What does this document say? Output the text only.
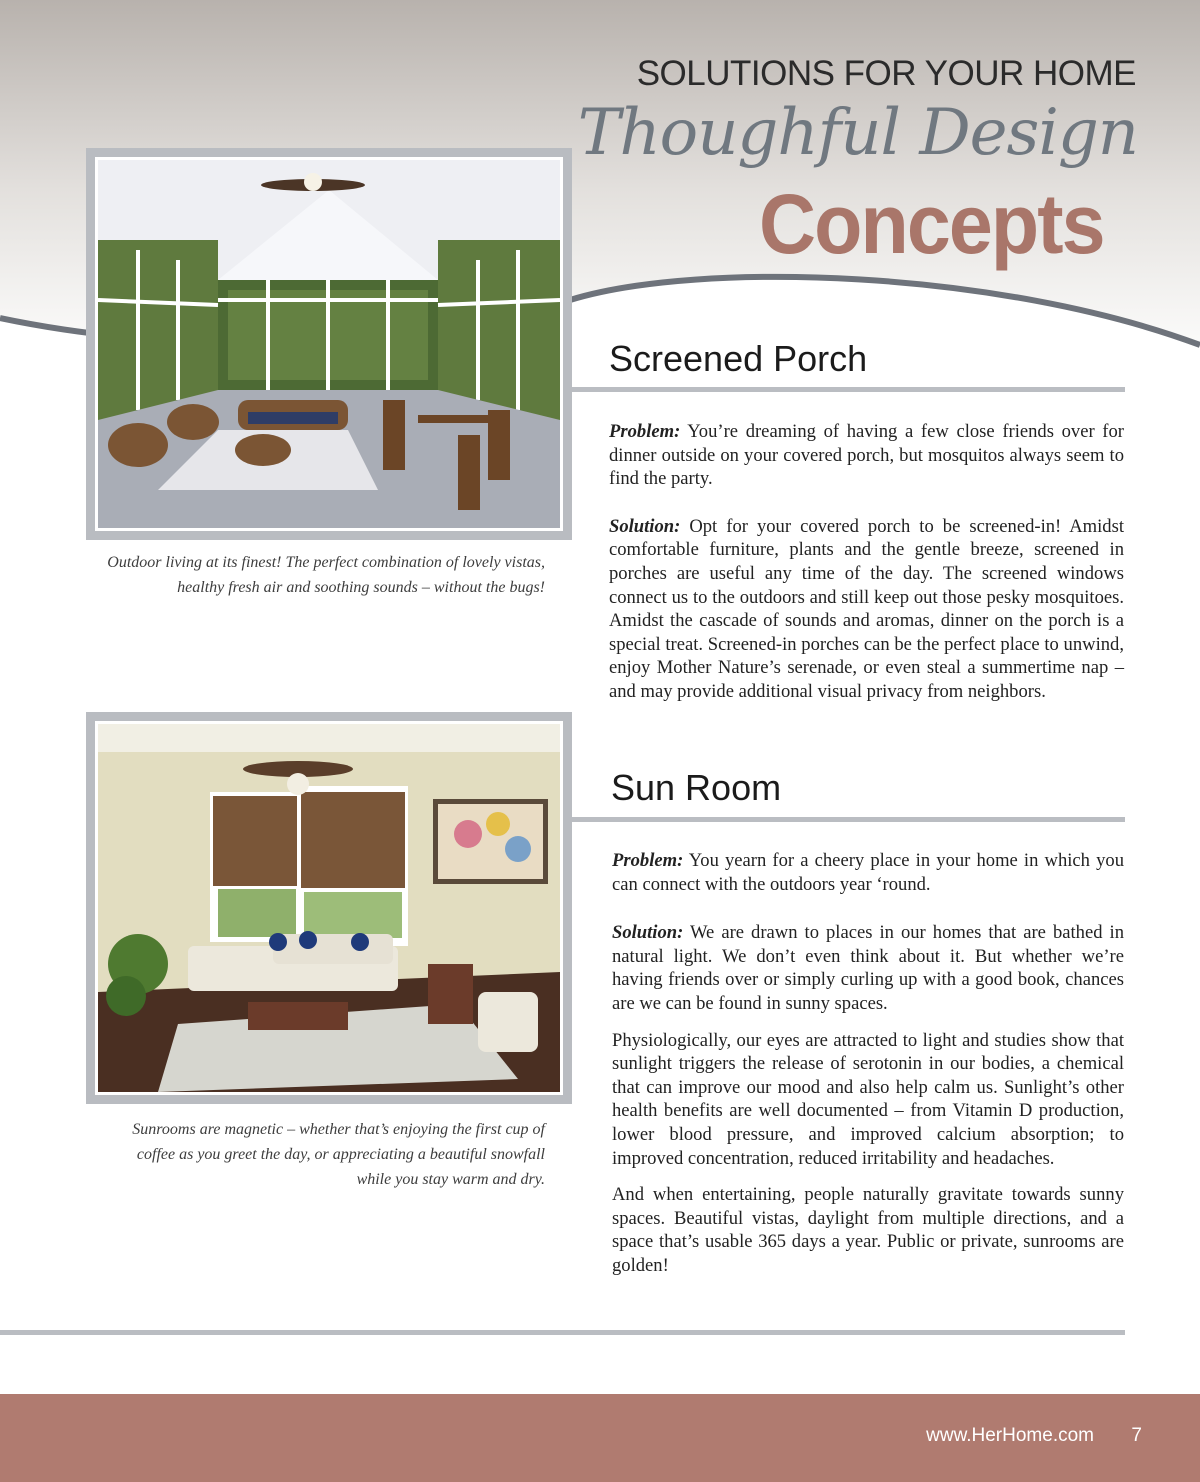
SOLUTIONS FOR YOUR HOME
Thoughful Design
Concepts
Outdoor living at its finest! The perfect combination of lovely vistas, healthy fresh air and soothing sounds – without the bugs!
Sunrooms are magnetic – whether that’s enjoying the first cup of coffee as you greet the day, or appreciating a beautiful snowfall while you stay warm and dry.
Screened Porch

Problem: You’re dreaming of having a few close friends over for dinner outside on your covered porch, but mosquitos always seem to find the party.

Solution: Opt for your covered porch to be screened-in! Amidst comfortable furniture, plants and the gentle breeze, screened in porches are useful any time of the day. The screened windows connect us to the outdoors and still keep out those pesky mosquitoes. Amidst the cascade of sounds and aromas, dinner on the porch is a special treat. Screened-in porches can be the perfect place to unwind, enjoy Mother Nature’s serenade, or even steal a summertime nap – and may provide additional visual privacy from neighbors.

Sun Room

Problem: You yearn for a cheery place in your home in which you can connect with the outdoors year ‘round.

Solution: We are drawn to places in our homes that are bathed in natural light. We don’t even think about it. But whether we’re having friends over or simply curling up with a good book, chances are we can be found in sunny spaces.

Physiologically, our eyes are attracted to light and studies show that sunlight triggers the release of serotonin in our bodies, a chemical that can improve our mood and also help calm us. Sunlight’s other health benefits are well documented – from Vitamin D production, lower blood pressure, and improved calcium absorption; to improved concentration, reduced irritability and headaches.

And when entertaining, people naturally gravitate towards sunny spaces. Beautiful vistas, daylight from multiple directions, and a space that’s usable 365 days a year. Public or private, sunrooms are golden!

www.HerHome.com 7
